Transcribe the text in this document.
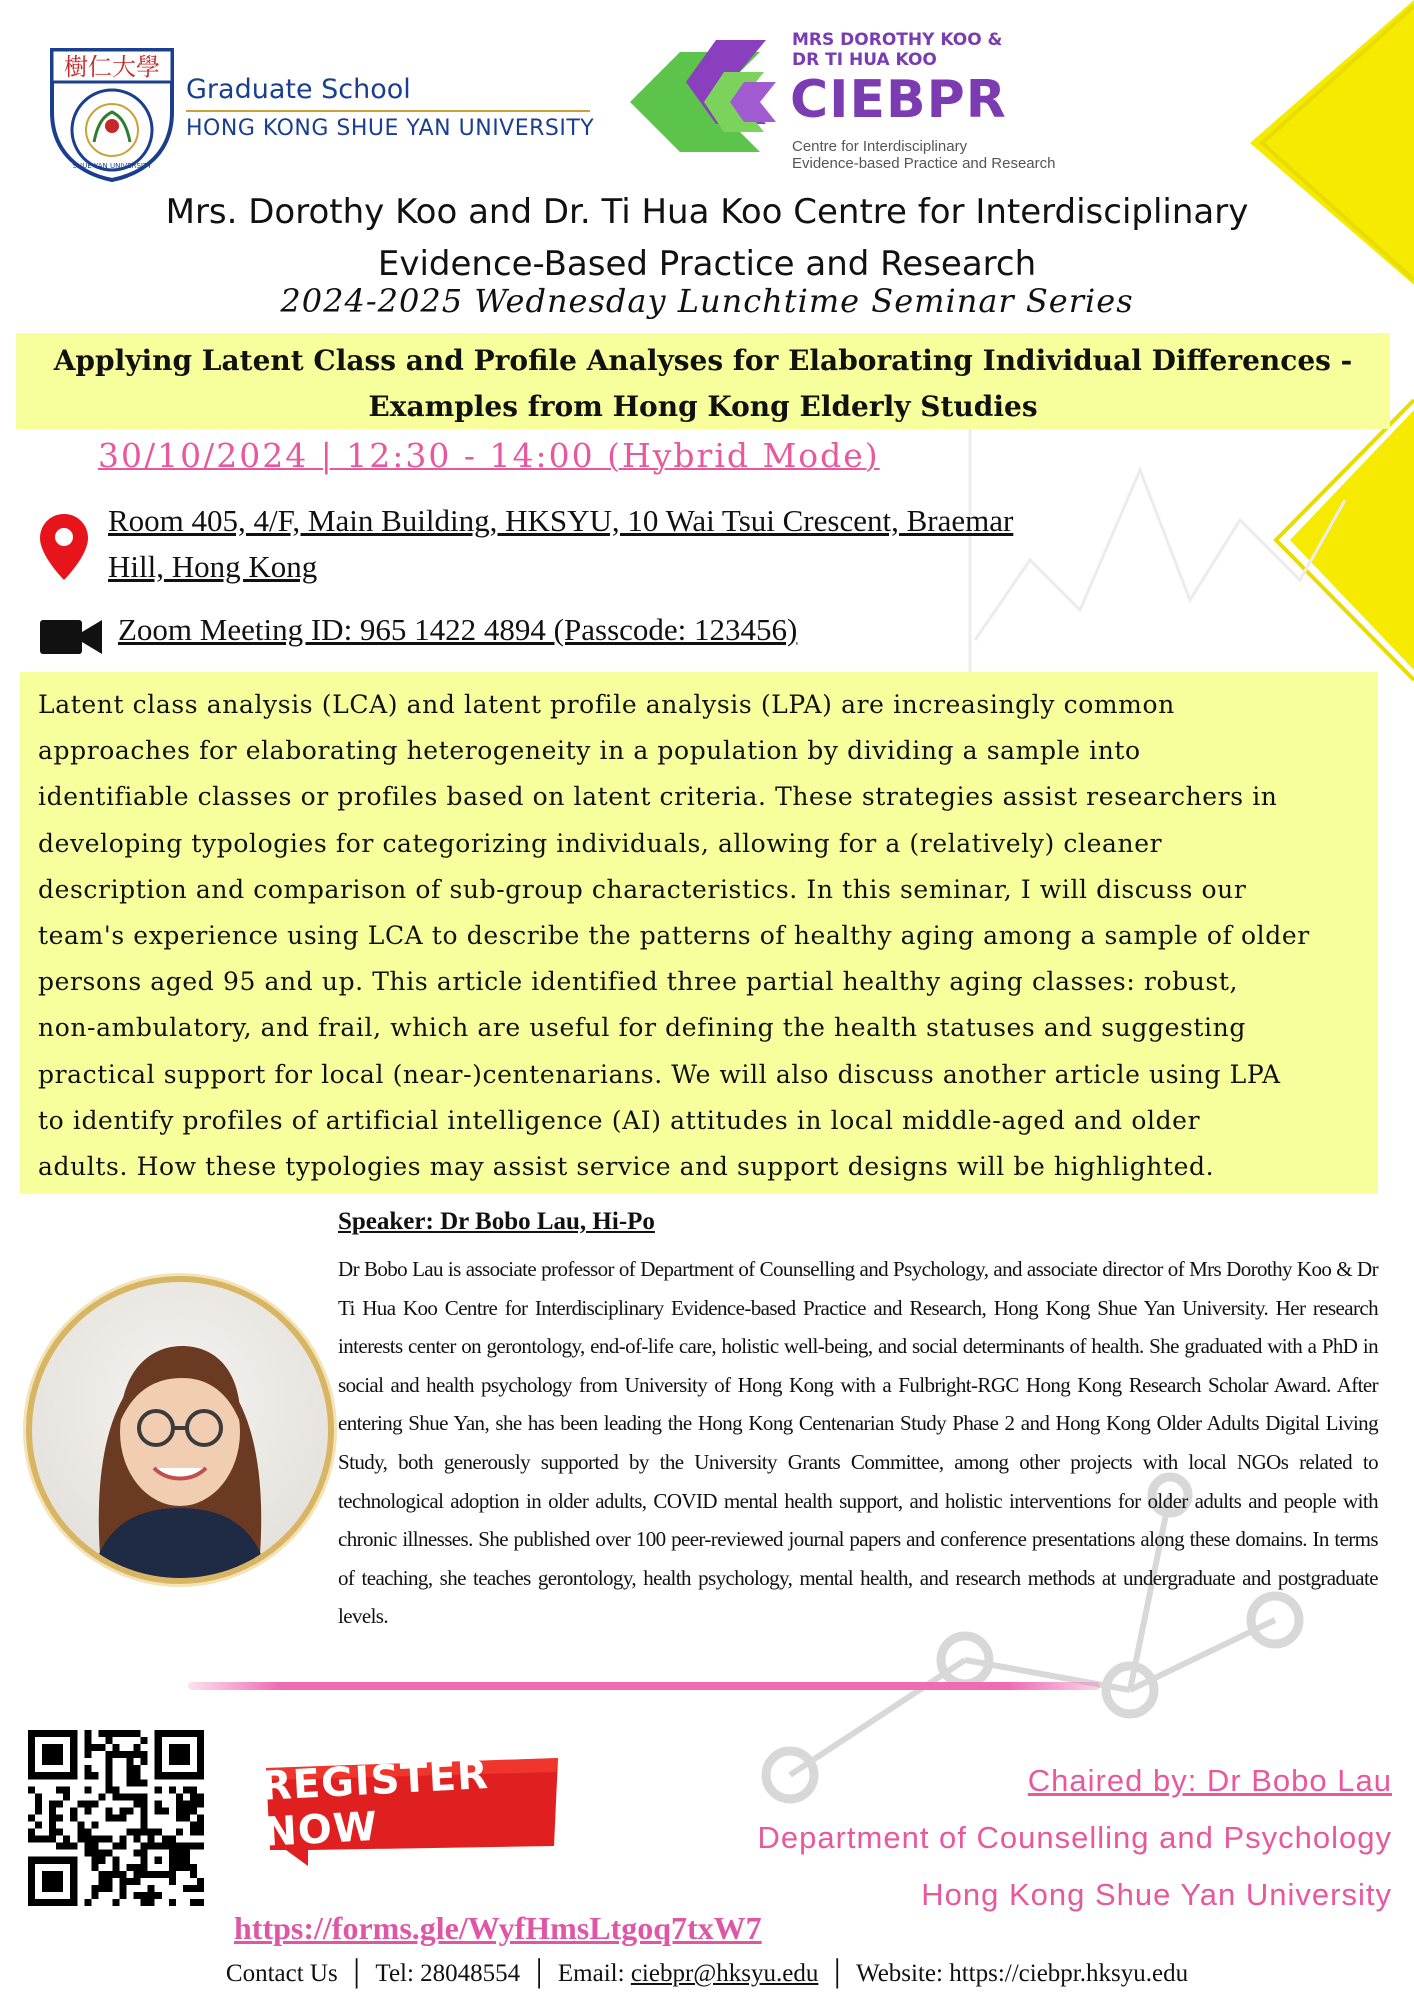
樹仁大學
SHUE YAN UNIVERSITY
Graduate School
HONG KONG SHUE YAN UNIVERSITY
MRS DOROTHY KOO &
DR TI HUA KOO
CIEBPR
Centre for Interdisciplinary
Evidence-based Practice and Research
Mrs. Dorothy Koo and Dr. Ti Hua Koo Centre for Interdisciplinary
Evidence-Based Practice and Research
2024-2025 Wednesday Lunchtime Seminar Series
Applying Latent Class and Profile Analyses for Elaborating Individual Differences -
Examples from Hong Kong Elderly Studies
30/10/2024 | 12:30 - 14:00 (Hybrid Mode)
Room 405, 4/F, Main Building, HKSYU, 10 Wai Tsui Crescent, Braemar
Hill, Hong Kong
Zoom Meeting ID: 965 1422 4894 (Passcode: 123456)
Latent class analysis (LCA) and latent profile analysis (LPA) are increasingly common
approaches for elaborating heterogeneity in a population by dividing a sample into
identifiable classes or profiles based on latent criteria. These strategies assist researchers in
developing typologies for categorizing individuals, allowing for a (relatively) cleaner
description and comparison of sub-group characteristics. In this seminar, I will discuss our
team's experience using LCA to describe the patterns of healthy aging among a sample of older
persons aged 95 and up. This article identified three partial healthy aging classes: robust,
non-ambulatory, and frail, which are useful for defining the health statuses and suggesting
practical support for local (near-)centenarians. We will also discuss another article using LPA
to identify profiles of artificial intelligence (AI) attitudes in local middle-aged and older
adults. How these typologies may assist service and support designs will be highlighted.
Speaker: Dr Bobo Lau, Hi-Po
Dr Bobo Lau is associate professor of Department of Counselling and Psychology, and associate director of Mrs Dorothy Koo & Dr Ti Hua Koo Centre for Interdisciplinary Evidence-based Practice and Research, Hong Kong Shue Yan University. Her research interests center on gerontology, end-of-life care, holistic well-being, and social determinants of health. She graduated with a PhD in social and health psychology from University of Hong Kong with a Fulbright-RGC Hong Kong Research Scholar Award. After entering Shue Yan, she has been leading the Hong Kong Centenarian Study Phase 2 and Hong Kong Older Adults Digital Living Study, both generously supported by the University Grants Committee, among other projects with local NGOs related to technological adoption in older adults, COVID mental health support, and holistic interventions for older adults and people with chronic illnesses. She published over 100 peer-reviewed journal papers and conference presentations along these domains. In terms of teaching, she teaches gerontology, health psychology, mental health, and research methods at undergraduate and postgraduate levels.
REGISTER NOW
https://forms.gle/WyfHmsLtgoq7txW7
Chaired by: Dr Bobo Lau
Department of Counselling and Psychology
Hong Kong Shue Yan University
Contact Us │ Tel: 28048554 │ Email: ciebpr@hksyu.edu │ Website: https://ciebpr.hksyu.edu
